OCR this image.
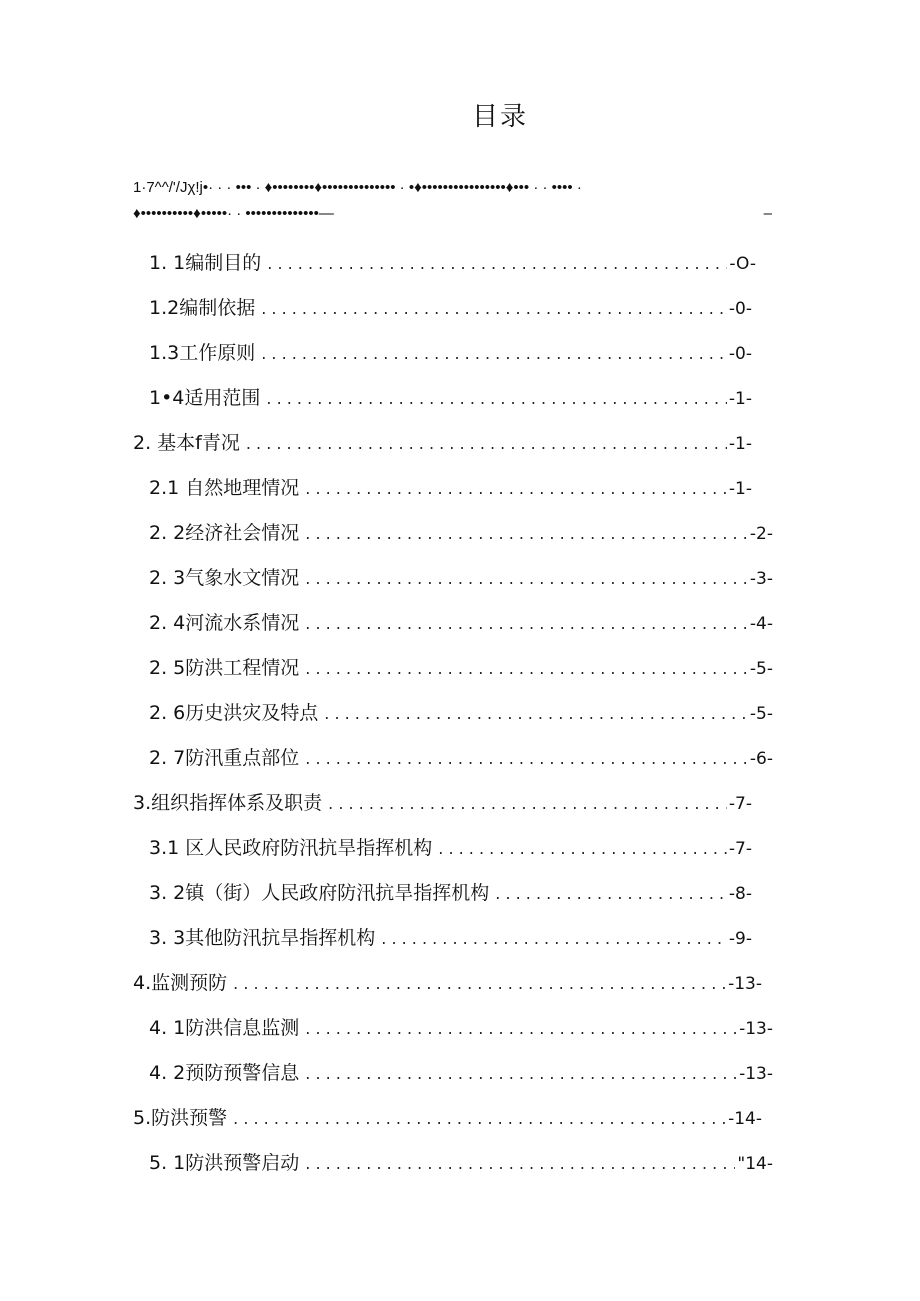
目录
1·7^^/'/Jχ!j•· · · ••• · ♦••••••••♦•••••••••••••• · •♦••••••••••••••••♦••• · · •••• ·
♦••••••••••♦•••••· · ••••••••••••••—	–
1. 1编制目的 . . .	-O-
1.2编制依据 . . .	-0-
1.3工作原则 . . .	-0-
1•4适用范围 . . .	-1-
2. 基本f青况 . . .	-1-
2.1 自然地理情况 . . .	-1-
2. 2经济社会情况 . . .	-2-
2. 3气象水文情况 . . .	-3-
2. 4河流水系情况 . . .	-4-
2. 5防洪工程情况 . . .	-5-
2. 6历史洪灾及特点 . . .	-5-
2. 7防汛重点部位 . . .	-6-
3.组织指挥体系及职责 . . .	-7-
3.1 区人民政府防汛抗旱指挥机构 . . .	-7-
3. 2镇（街）人民政府防汛抗旱指挥机构 . . .	-8-
3. 3其他防汛抗旱指挥机构 . . .	-9-
4.监测预防 . . .	-13-
4. 1防洪信息监测 . . .	-13-
4. 2预防预警信息 . . .	-13-
5.防洪预警 . . .	-14-
5. 1防洪预警启动 . . .	"14-
